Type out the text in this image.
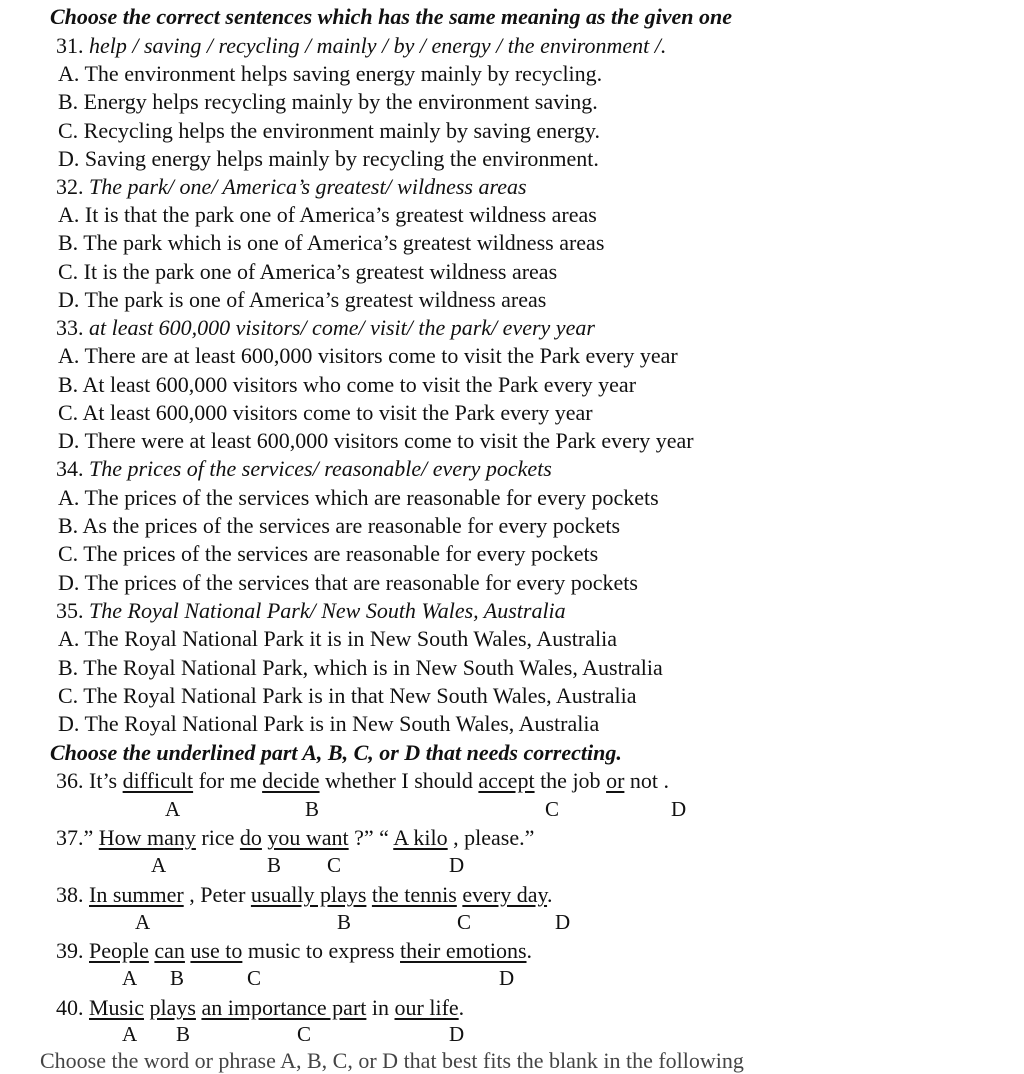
Choose the correct sentences which has the same meaning as the given one
31. help / saving / recycling / mainly / by / energy / the environment /.
A. The environment helps saving energy mainly by recycling.
B. Energy helps recycling mainly by the environment saving.
C. Recycling helps the environment mainly by saving energy.
D. Saving energy helps mainly by recycling the environment.
32. The park/ one/ America’s greatest/ wildness areas
A. It is that the park one of America’s greatest wildness areas
B. The park which is one of America’s greatest wildness areas
C. It is the park one of America’s greatest wildness areas
D. The park is one of America’s greatest wildness areas
33. at least 600,000 visitors/ come/ visit/ the park/ every year
A. There are at least 600,000 visitors come to visit the Park every year
B. At least 600,000 visitors who come to visit the Park every year
C. At least 600,000 visitors come to visit the Park every year
D. There were at least 600,000 visitors come to visit the Park every year
34. The prices of the services/ reasonable/ every pockets
A. The prices of the services which are reasonable for every pockets
B. As the prices of the services are reasonable for every pockets
C. The prices of the services are reasonable for every pockets
D. The prices of the services that are reasonable for every pockets
35. The Royal National Park/ New South Wales, Australia
A. The Royal National Park it is in New South Wales, Australia
B. The Royal National Park, which is in New South Wales, Australia
C. The Royal National Park is in that New South Wales, Australia
D. The Royal National Park is in New South Wales, Australia
Choose the underlined part A, B, C, or D that needs correcting.
36. It’s difficult for me decide whether I should accept the job or not .
A	B	C	D
37.” How many rice do you want ?” “ A kilo , please.”
A	B C	D
38. In summer , Peter usually plays the tennis every day.
A	B	C	D
39. People can use to music to express their emotions.
A B	C	D
40. Music plays an importance part in our life.
A B	C	D
Choose the word or phrase A, B, C, or D that best fits the blank in the following
